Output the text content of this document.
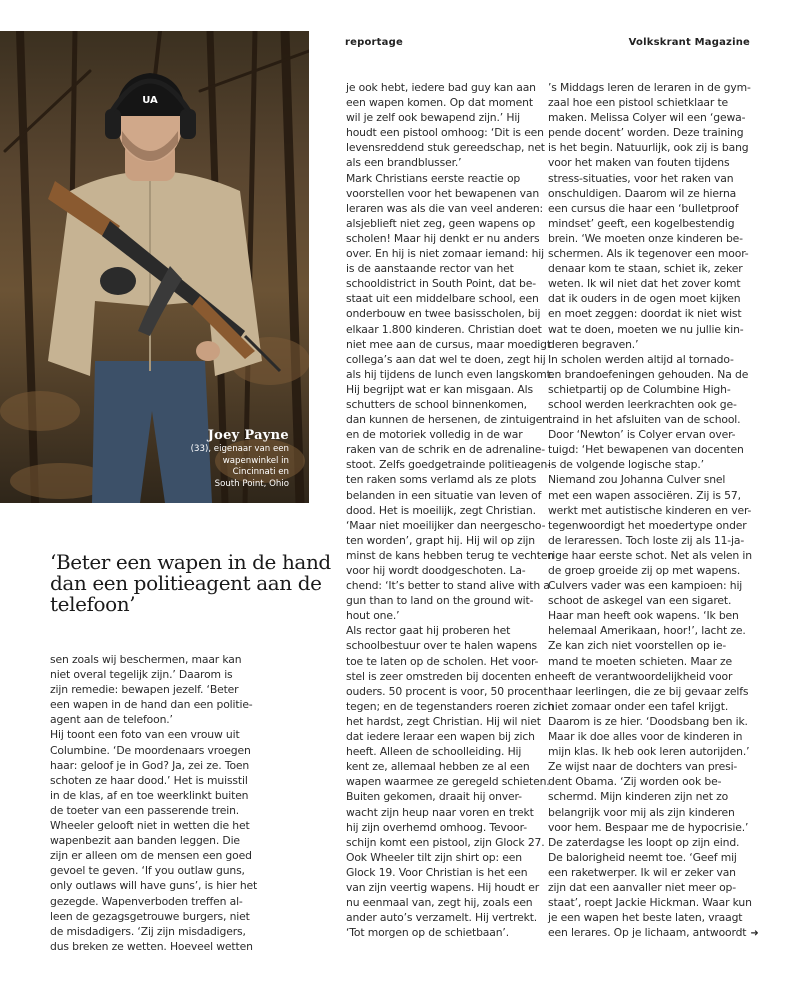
reportage	Volkskrant Magazine
UA
Joey Payne
(33), eigenaar van een
wapenwinkel in
Cincinnati en
South Point, Ohio
‘Beter een wapen in de hand dan een politieagent aan de telefoon’

sen zoals wij beschermen, maar kan

niet overal tegelijk zijn.’ Daarom is

zijn remedie: bewapen jezelf. ‘Beter

een wapen in de hand dan een politie-

agent aan de telefoon.’

Hij toont een foto van een vrouw uit

Columbine. ‘De moordenaars vroegen

haar: geloof je in God? Ja, zei ze. Toen

schoten ze haar dood.’ Het is muisstil

in de klas, af en toe weerklinkt buiten

de toeter van een passerende trein.

Wheeler gelooft niet in wetten die het

wapenbezit aan banden leggen. Die

zijn er alleen om de mensen een goed

gevoel te geven. ‘If you outlaw guns,

only outlaws will have guns’, is hier het

gezegde. Wapenverboden treffen al-

leen de gezagsgetrouwe burgers, niet

de misdadigers. ‘Zij zijn misdadigers,

dus breken ze wetten. Hoeveel wetten

je ook hebt, iedere bad guy kan aan

een wapen komen. Op dat moment

wil je zelf ook bewapend zijn.’ Hij

houdt een pistool omhoog: ‘Dit is een

levensreddend stuk gereedschap, net

als een brandblusser.’

Mark Christians eerste reactie op

voorstellen voor het bewapenen van

leraren was als die van veel anderen:

alsjeblieft niet zeg, geen wapens op

scholen! Maar hij denkt er nu anders

over. En hij is niet zomaar iemand: hij

is de aanstaande rector van het

schooldistrict in South Point, dat be-

staat uit een middelbare school, een

onderbouw en twee basisscholen, bij

elkaar 1.800 kinderen. Christian doet

niet mee aan de cursus, maar moedigt

collega’s aan dat wel te doen, zegt hij

als hij tijdens de lunch even langskomt.

Hij begrijpt wat er kan misgaan. Als

schutters de school binnenkomen,

dan kunnen de hersenen, de zintuigen

en de motoriek volledig in de war

raken van de schrik en de adrenaline-

stoot. Zelfs goedgetrainde politieagen-

ten raken soms verlamd als ze plots

belanden in een situatie van leven of

dood. Het is moeilijk, zegt Christian.

‘Maar niet moeilijker dan neergescho-

ten worden’, grapt hij. Hij wil op zijn

minst de kans hebben terug te vechten

voor hij wordt doodgeschoten. La-

chend: ‘It’s better to stand alive with a

gun than to land on the ground wit-

hout one.’

Als rector gaat hij proberen het

schoolbestuur over te halen wapens

toe te laten op de scholen. Het voor-

stel is zeer omstreden bij docenten en

ouders. 50 procent is voor, 50 procent

tegen; en de tegenstanders roeren zich

het hardst, zegt Christian. Hij wil niet

dat iedere leraar een wapen bij zich

heeft. Alleen de schoolleiding. Hij

kent ze, allemaal hebben ze al een

wapen waarmee ze geregeld schieten.

Buiten gekomen, draait hij onver-

wacht zijn heup naar voren en trekt

hij zijn overhemd omhoog. Tevoor-

schijn komt een pistool, zijn Glock 27.

Ook Wheeler tilt zijn shirt op: een

Glock 19. Voor Christian is het een

van zijn veertig wapens. Hij houdt er

nu eenmaal van, zegt hij, zoals een

ander auto’s verzamelt. Hij vertrekt.

‘Tot morgen op de schietbaan’.

’s Middags leren de leraren in de gym-

zaal hoe een pistool schietklaar te

maken. Melissa Colyer wil een ‘gewa-

pende docent’ worden. Deze training

is het begin. Natuurlijk, ook zij is bang

voor het maken van fouten tijdens

stress-situaties, voor het raken van

onschuldigen. Daarom wil ze hierna

een cursus die haar een ‘bulletproof

mindset’ geeft, een kogelbestendig

brein. ‘We moeten onze kinderen be-

schermen. Als ik tegenover een moor-

denaar kom te staan, schiet ik, zeker

weten. Ik wil niet dat het zover komt

dat ik ouders in de ogen moet kijken

en moet zeggen: doordat ik niet wist

wat te doen, moeten we nu jullie kin-

deren begraven.’

In scholen werden altijd al tornado-

en brandoefeningen gehouden. Na de

schietpartij op de Columbine High-

school werden leerkrachten ook ge-

traind in het afsluiten van de school.

Door ‘Newton’ is Colyer ervan over-

tuigd: ‘Het bewapenen van docenten

is de volgende logische stap.’

Niemand zou Johanna Culver snel

met een wapen associëren. Zij is 57,

werkt met autistische kinderen en ver-

tegenwoordigt het moedertype onder

de leraressen. Toch loste zij als 11-ja-

rige haar eerste schot. Net als velen in

de groep groeide zij op met wapens.

Culvers vader was een kampioen: hij

schoot de askegel van een sigaret.

Haar man heeft ook wapens. ‘Ik ben

helemaal Amerikaan, hoor!’, lacht ze.

Ze kan zich niet voorstellen op ie-

mand te moeten schieten. Maar ze

heeft de verantwoordelijkheid voor

haar leerlingen, die ze bij gevaar zelfs

niet zomaar onder een tafel krijgt.

Daarom is ze hier. ‘Doodsbang ben ik.

Maar ik doe alles voor de kinderen in

mijn klas. Ik heb ook leren autorijden.’

Ze wijst naar de dochters van presi-

dent Obama. ‘Zij worden ook be-

schermd. Mijn kinderen zijn net zo

belangrijk voor mij als zijn kinderen

voor hem. Bespaar me de hypocrisie.’

De zaterdagse les loopt op zijn eind.

De balorigheid neemt toe. ‘Geef mij

een raketwerper. Ik wil er zeker van

zijn dat een aanvaller niet meer op-

staat’, roept Jackie Hickman. Waar kun

je een wapen het beste laten, vraagt

een lerares. Op je lichaam, antwoordt ➜
